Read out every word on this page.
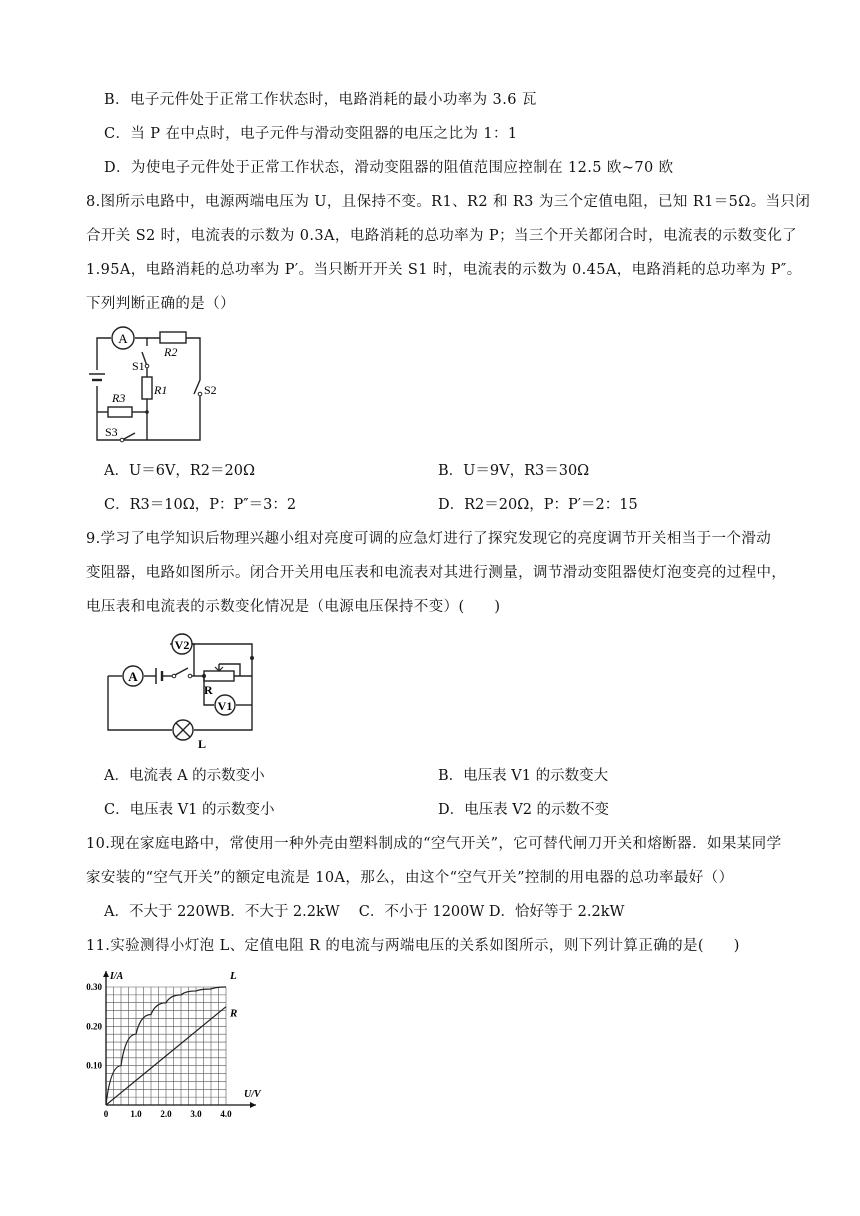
B．电子元件处于正常工作状态时，电路消耗的最小功率为 3.6 瓦
C．当 P 在中点时，电子元件与滑动变阻器的电压之比为 1：1
D．为使电子元件处于正常工作状态，滑动变阻器的阻值范围应控制在 12.5 欧~70 欧
8.图所示电路中，电源两端电压为 U，且保持不变。R1、R2 和 R3 为三个定值电阻，已知 R1＝5Ω。当只闭
合开关 S2 时，电流表的示数为 0.3A，电路消耗的总功率为 P；当三个开关都闭合时，电流表的示数变化了
1.95A，电路消耗的总功率为 P′。当只断开开关 S1 时，电流表的示数为 0.45A，电路消耗的总功率为 P″。
下列判断正确的是（）
A
R2
S2
S1
R1
R3
S3
A．U＝6V，R2＝20Ω	B．U＝9V，R3＝30Ω
C．R3＝10Ω，P：P″＝3：2	D．R2＝20Ω，P：P′＝2：15
9.学习了电学知识后物理兴趣小组对亮度可调的应急灯进行了探究发现它的亮度调节开关相当于一个滑动
变阻器，电路如图所示。闭合开关用电压表和电流表对其进行测量，调节滑动变阻器使灯泡变亮的过程中，
电压表和电流表的示数变化情况是（电源电压保持不变）(　　)
A
R
V2
V1
L
A．电流表 A 的示数变小	B．电压表 V1 的示数变大
C．电压表 V1 的示数变小	D．电压表 V2 的示数不变
10.现在家庭电路中，常使用一种外壳由塑料制成的“空气开关”，它可替代闸刀开关和熔断器．如果某同学
家安装的“空气开关”的额定电流是 10A，那么，由这个“空气开关”控制的用电器的总功率最好（）
A．不大于 220WB．不大于 2.2kW　 C．不小于 1200W D．恰好等于 2.2kW
11.实验测得小灯泡 L、定值电阻 R 的电流与两端电压的关系如图所示，则下列计算正确的是(　　)
L
R
0 1.0 2.0 3.0 4.0
0.10
0.20
0.30
U/V
I/A
